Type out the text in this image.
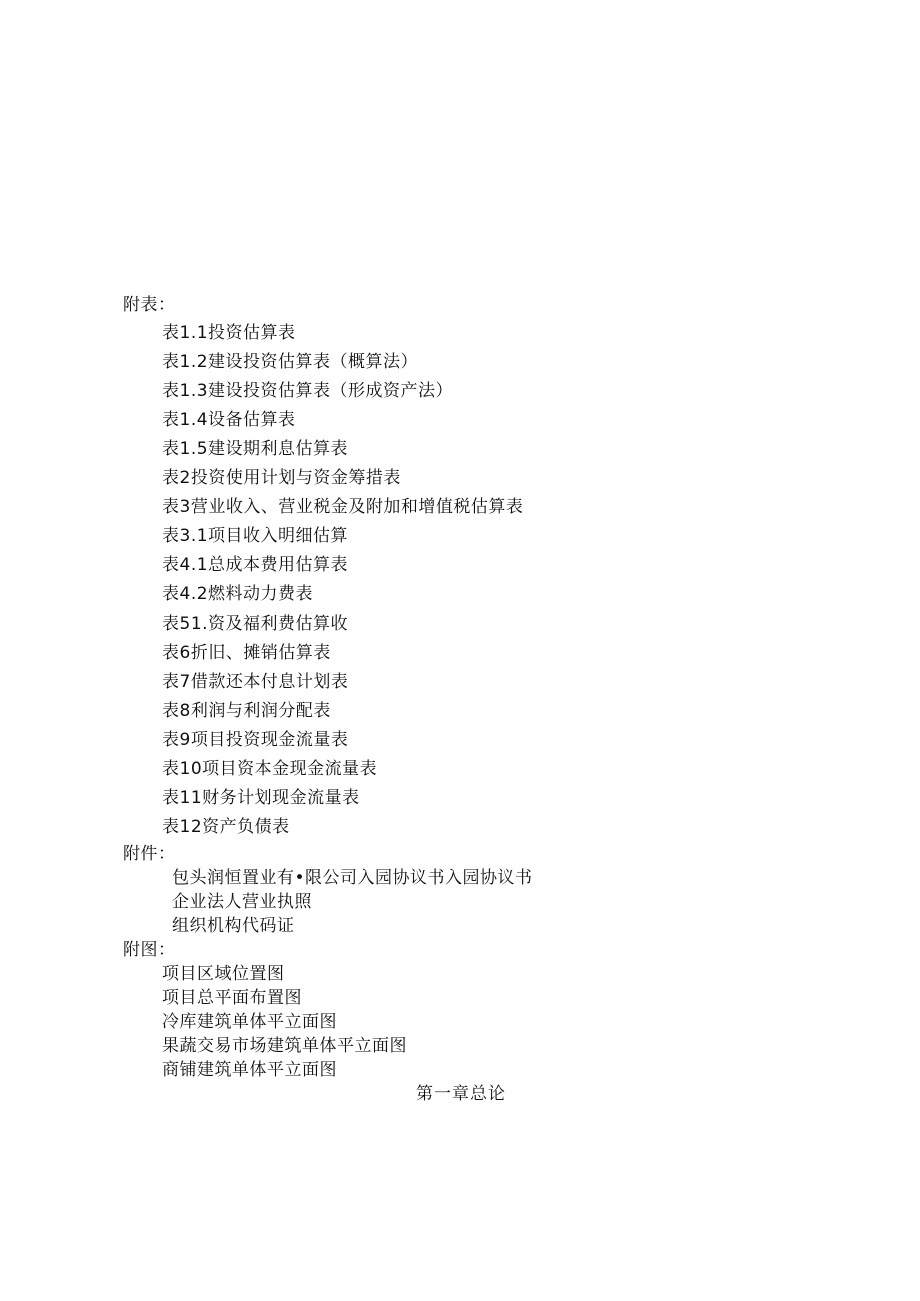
附表：
表1.1投资估算表
表1.2建设投资估算表（概算法）
表1.3建设投资估算表（形成资产法）
表1.4设备估算表
表1.5建设期利息估算表
表2投资使用计划与资金筹措表
表3营业收入、营业税金及附加和增值税估算表
表3.1项目收入明细估算
表4.1总成本费用估算表
表4.2燃料动力费表
表51.资及福利费估算收
表6折旧、摊销估算表
表7借款还本付息计划表
表8利润与利润分配表
表9项目投资现金流量表
表10项目资本金现金流量表
表11财务计划现金流量表
表12资产负债表
附件：
包头润恒置业有•限公司入园协议书入园协议书
企业法人营业执照
组织机构代码证
附图：
项目区域位置图
项目总平面布置图
冷库建筑单体平立面图
果蔬交易市场建筑单体平立面图
商铺建筑单体平立面图
第一章总论
